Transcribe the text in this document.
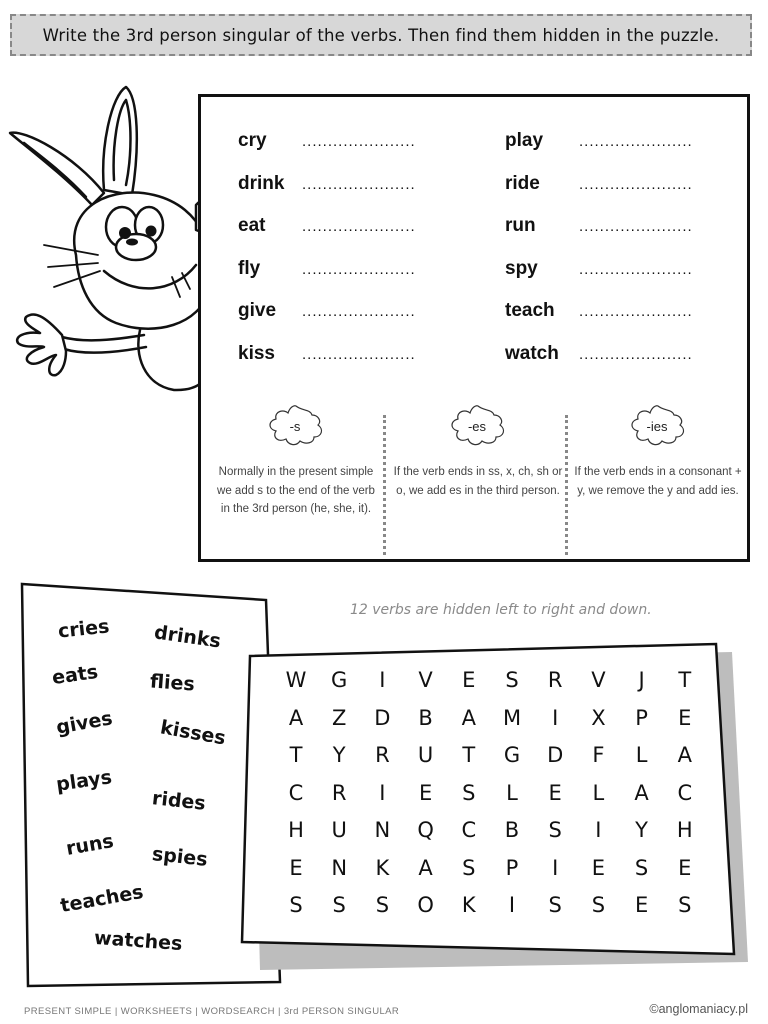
Write the 3rd person singular of the verbs. Then find them hidden in the puzzle.
cry	......................
drink	......................
eat	......................
fly	......................
give	......................
kiss	......................
play	......................
ride	......................
run	......................
spy	......................
teach	......................
watch	......................
-s
Normally in the present simple we add s to the end of the verb in the 3rd person (he, she, it).
-es
If the verb ends in ss, x, ch, sh or o, we add es in the third person.
-ies
If the verb ends in a consonant + y, we remove the y and add ies.
cries drinks
eats	flies
gives kisses
plays
rides
runs spies
teaches
watches
12 verbs are hidden left to right and down.
W	G	I	V	E	S	R	V	J	T
A	Z	D	B	A	M	I	X	P	E
T	Y	R	U	T	G	D	F	L	A
C	R	I	E	S	L	E	L	A	C
H	U	N	Q	C	B	S	I	Y	H
E	N	K	A	S	P	I	E	S	E
S	S	S	O	K	I	S	S	E	S
PRESENT SIMPLE | WORKSHEETS | WORDSEARCH | 3rd PERSON SINGULAR	©anglomaniacy.pl
